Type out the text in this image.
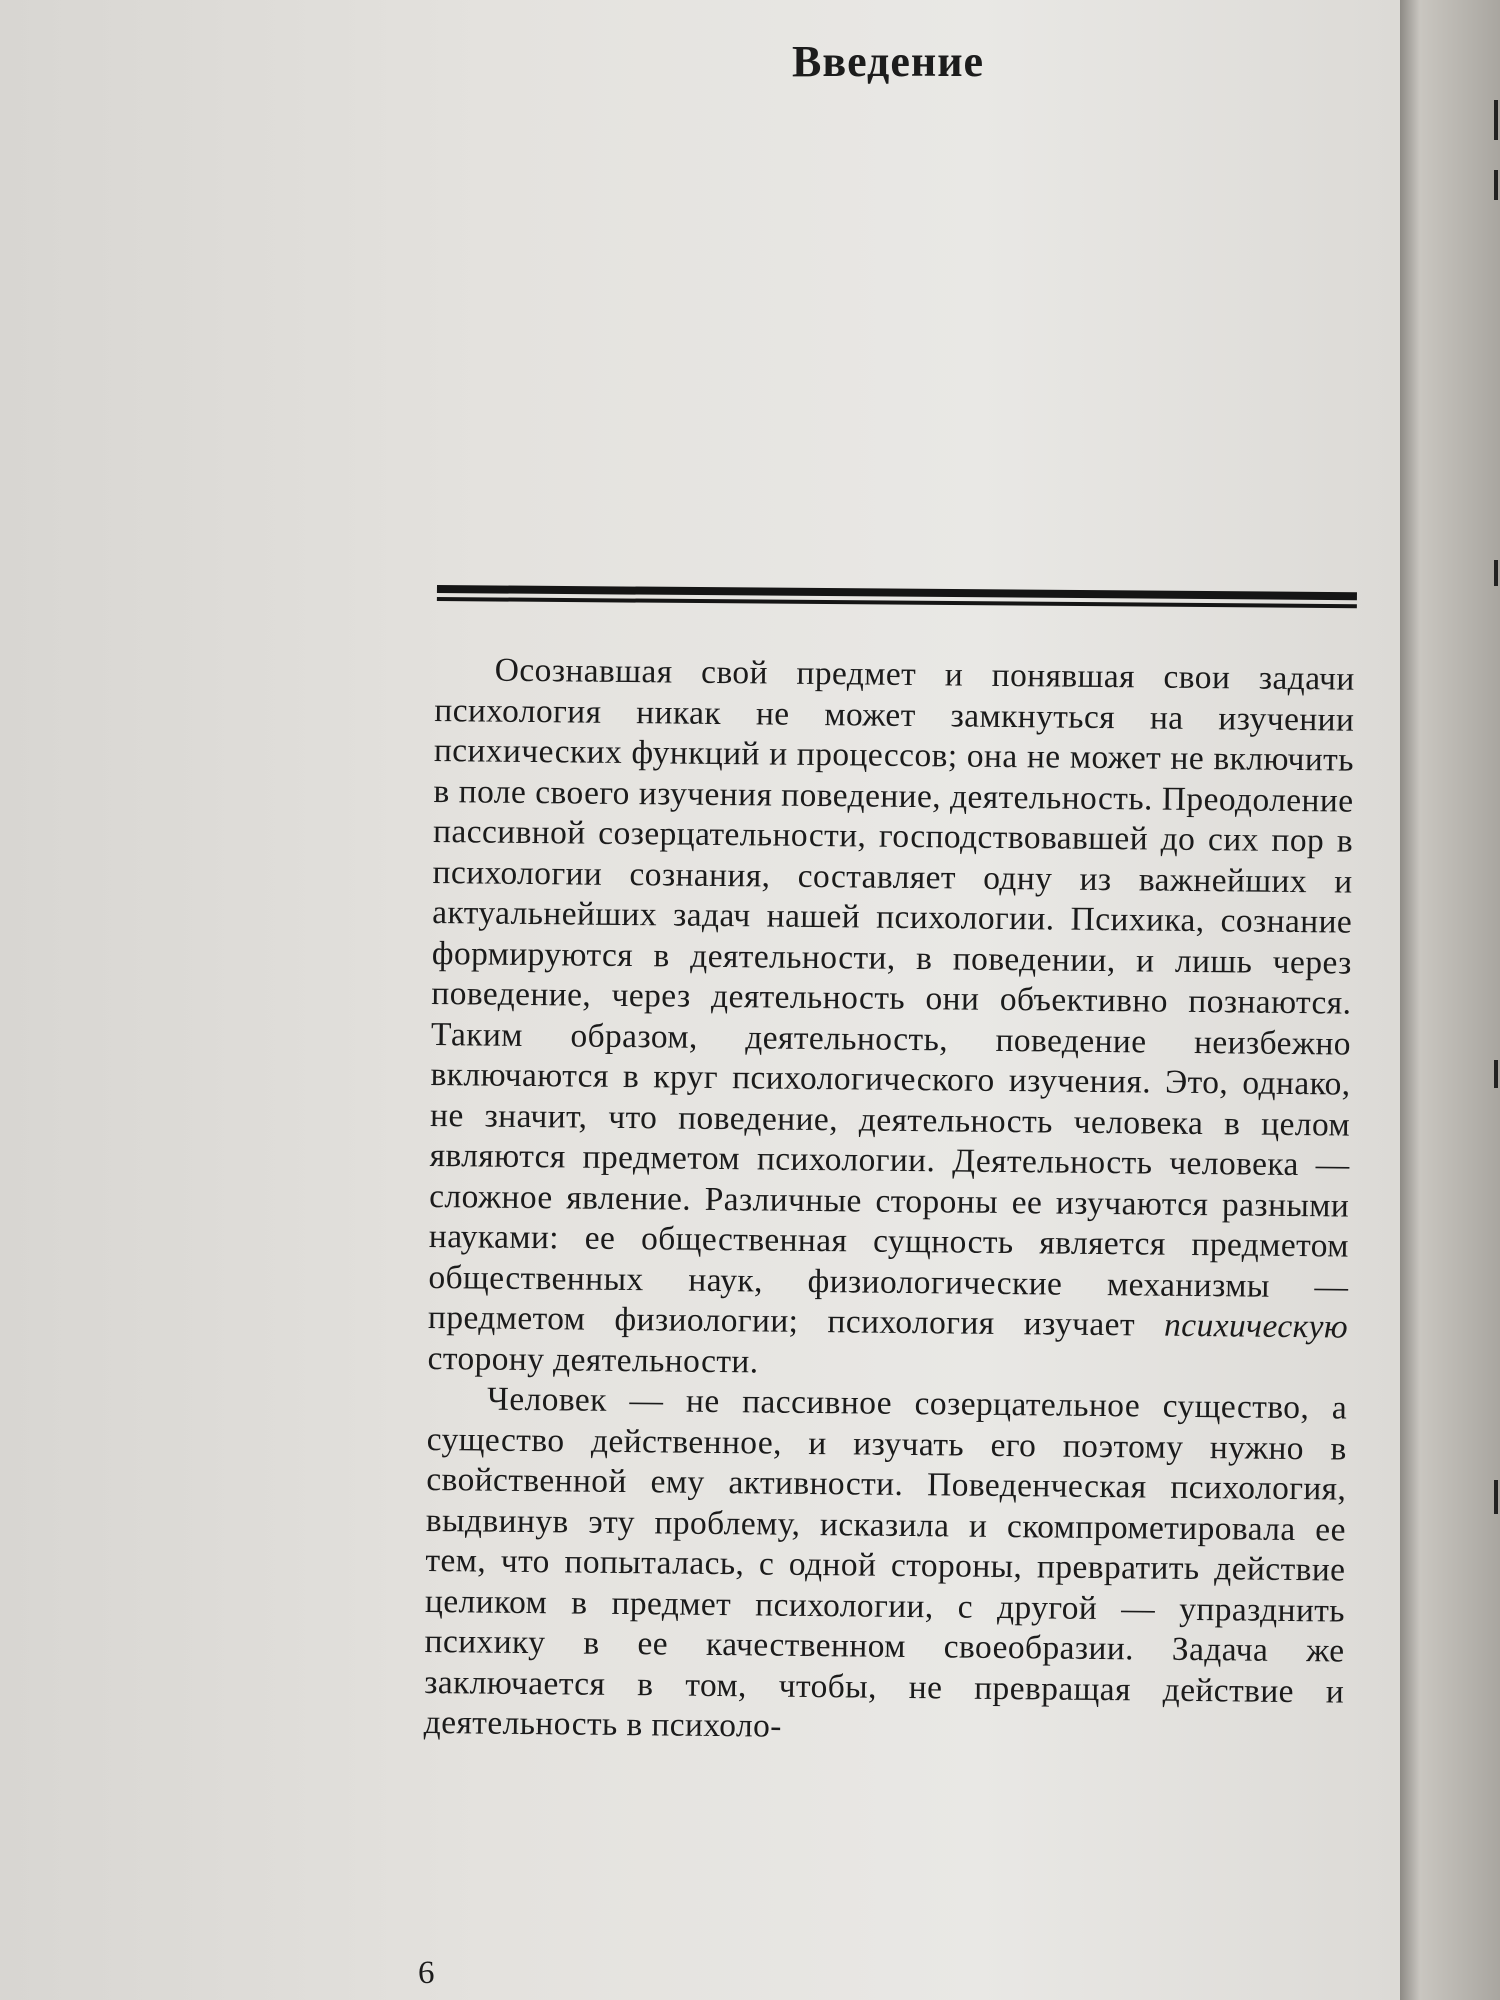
Введение

Осознавшая свой предмет и понявшая свои задачи психология никак не может замкнуться на изучении психических функций и процессов; она не может не включить в поле своего изучения поведение, деятельность. Преодоление пассивной созерцательности, господствовавшей до сих пор в психологии сознания, составляет одну из важнейших и актуальнейших задач нашей психологии. Психика, сознание формируются в деятельности, в поведении, и лишь через поведение, через деятельность они объективно познаются. Таким образом, деятельность, поведение неизбежно включаются в круг психологического изучения. Это, однако, не значит, что поведение, деятельность человека в целом являются предметом психологии. Деятельность человека — сложное явление. Различные стороны ее изучаются разными науками: ее общественная сущность является предметом общественных наук, физиологические механизмы — предметом физиологии; психология изучает психическую сторону деятельности.

Человек — не пассивное созерцательное существо, а существо действенное, и изучать его поэтому нужно в свойственной ему активности. Поведенческая психология, выдвинув эту проблему, исказила и скомпрометировала ее тем, что попыталась, с одной стороны, превратить действие целиком в предмет психологии, с другой — упразднить психику в ее качественном своеобразии. Задача же заключается в том, чтобы, не превращая действие и деятельность в психоло-

6
